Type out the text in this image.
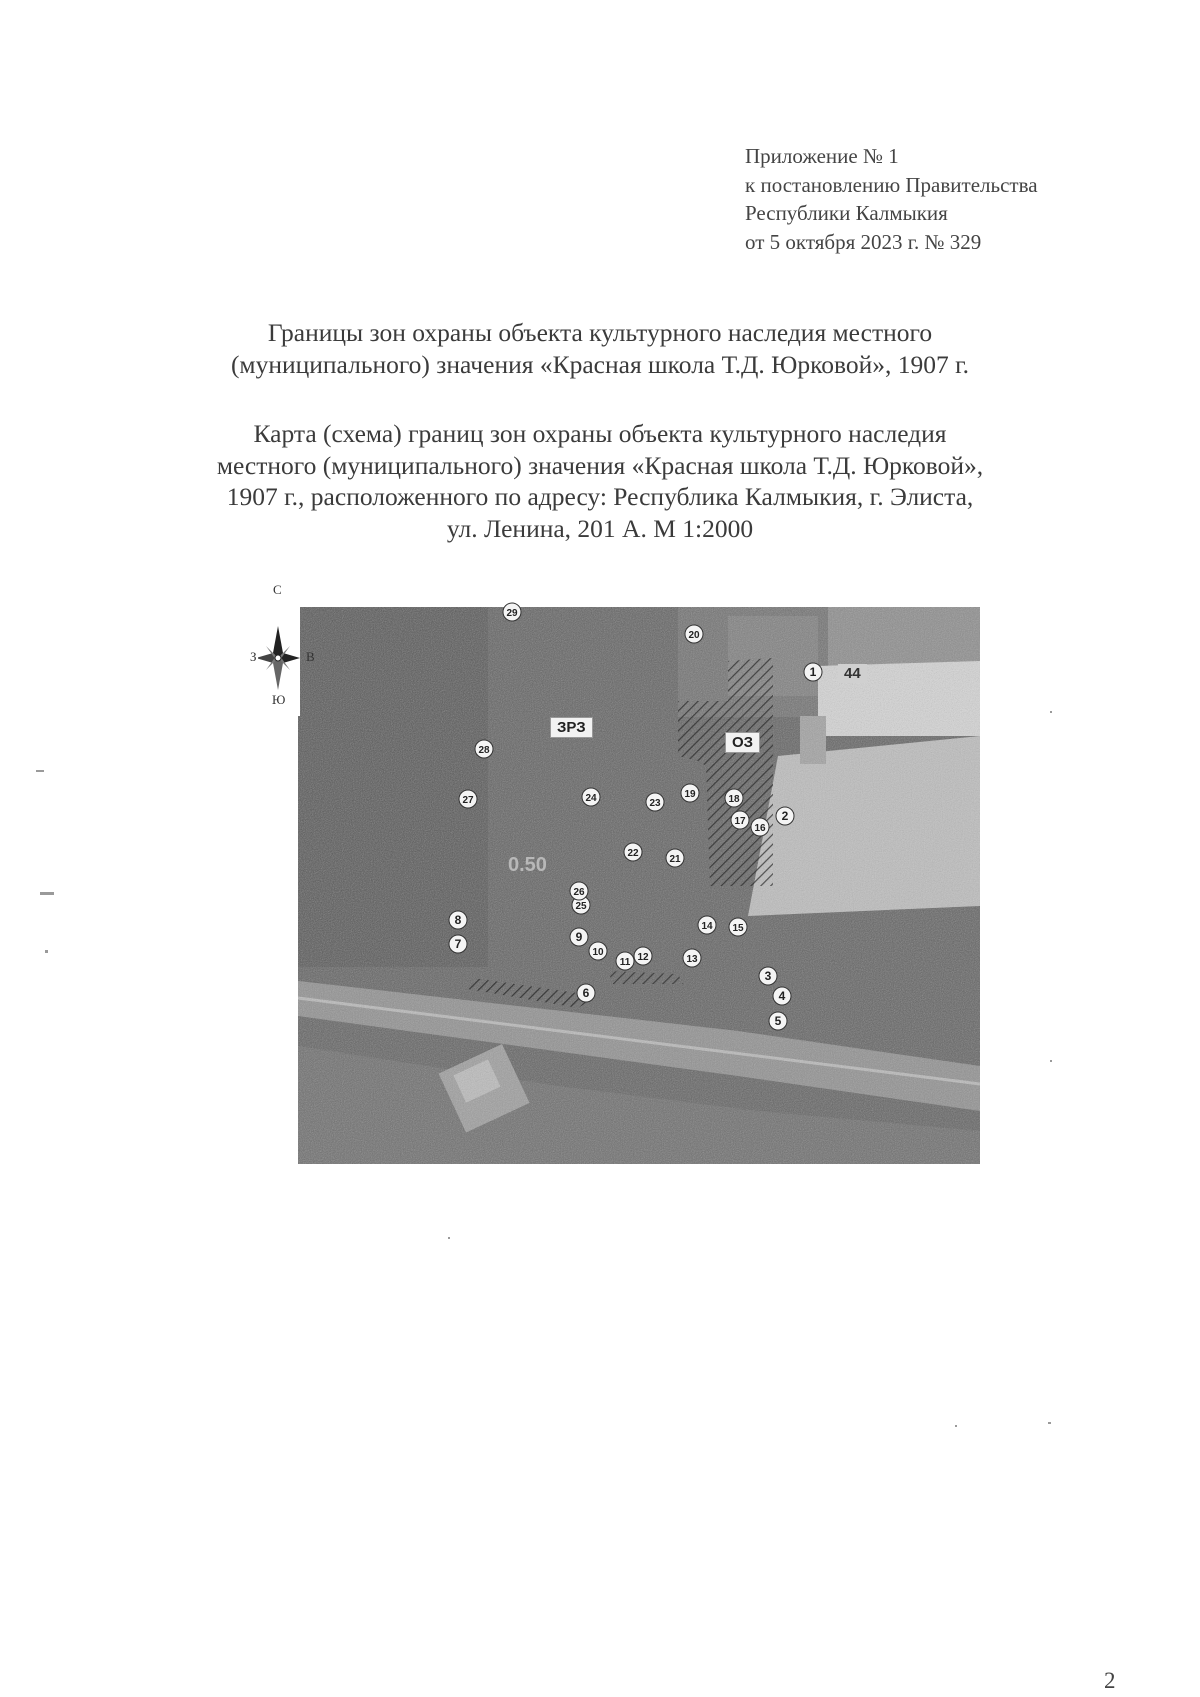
Приложение № 1
к постановлению Правительства
Республики Калмыкия
от 5 октября 2023 г. № 329
Границы зон охраны объекта культурного наследия местного
(муниципального) значения «Красная школа Т.Д. Юрковой», 1907 г.
Карта (схема) границ зон охраны объекта культурного наследия
местного (муниципального) значения «Красная школа Т.Д. Юрковой»,
1907 г., расположенного по адресу: Республика Калмыкия, г. Элиста,
ул. Ленина, 201 А. М 1:2000
1
2
3
4
5
6
7
8
9
10
11 12	13
14 15
16
17
18
19
20
21
22
23
24
25
26
27
28
29
С
Ю
З	В
ЗРЗ
ОЗ
44
0.50
2
